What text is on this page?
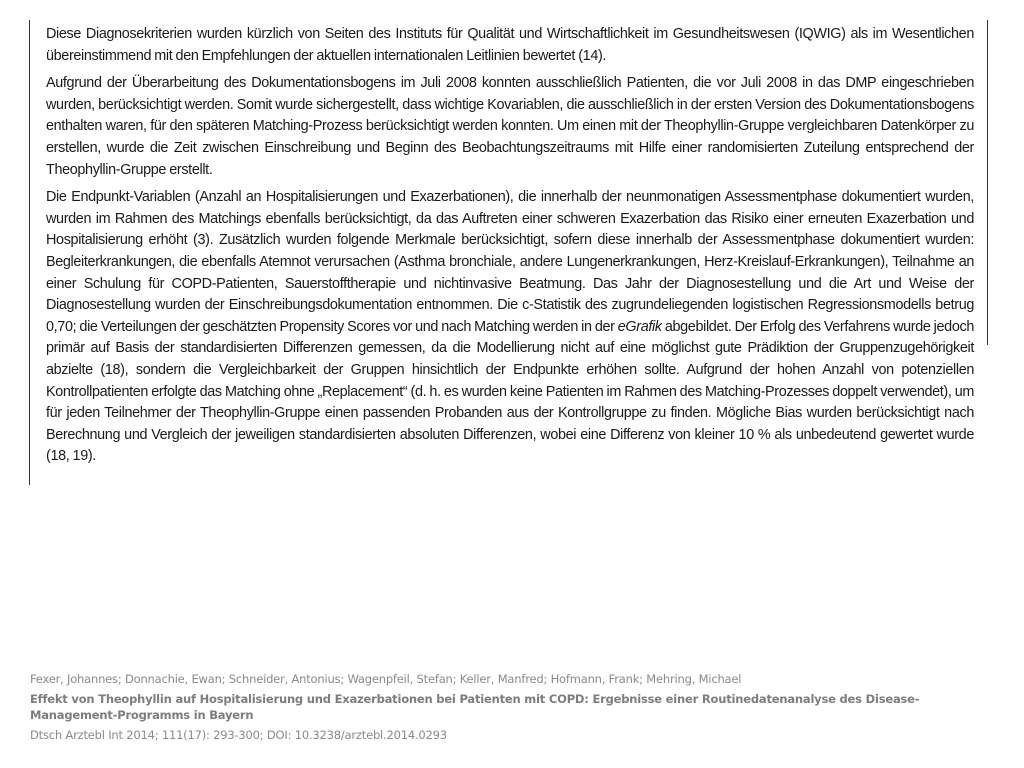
Diese Diagnosekriterien wurden kürzlich von Seiten des Instituts für Qualität und Wirtschaftlichkeit im Gesundheitswesen (IQWIG) als im Wesentlichen übereinstimmend mit den Empfehlungen der aktuellen internationalen Leitlinien bewertet (14).

Aufgrund der Überarbeitung des Dokumentationsbogens im Juli 2008 konnten ausschließlich Patienten, die vor Juli 2008 in das DMP eingeschrieben wurden, berücksichtigt werden. Somit wurde sichergestellt, dass wichtige Kovariablen, die ausschließlich in der ersten Version des Dokumentationsbogens enthalten waren, für den späteren Matching-Prozess berücksichtigt werden konnten. Um einen mit der Theophyllin-Gruppe vergleichbaren Datenkörper zu erstellen, wurde die Zeit zwischen Einschreibung und Beginn des Beobachtungszeitraums mit Hilfe einer randomisierten Zuteilung entsprechend der Theophyllin-Gruppe erstellt.

Die Endpunkt-Variablen (Anzahl an Hospitalisierungen und Exazerbationen), die innerhalb der neunmonatigen Assessmentphase dokumentiert wurden, wurden im Rahmen des Matchings ebenfalls berücksichtigt, da das Auftreten einer schweren Exazerbation das Risiko einer erneuten Exazerbation und Hospitalisierung erhöht (3). Zusätzlich wurden folgende Merkmale berücksichtigt, sofern diese innerhalb der Assessmentphase dokumentiert wurden: Begleiterkrankungen, die ebenfalls Atemnot verursachen (Asthma bronchiale, andere Lungenerkrankungen, Herz-Kreislauf-Erkrankungen), Teilnahme an einer Schulung für COPD-Patienten, Sauerstofftherapie und nichtinvasive Beatmung. Das Jahr der Diagnosestellung und die Art und Weise der Diagnosestellung wurden der Einschreibungsdokumentation entnommen. Die c-Statistik des zugrundeliegenden logistischen Regressionsmodells betrug 0,70; die Verteilungen der geschätzten Propensity Scores vor und nach Matching werden in der eGrafik abgebildet. Der Erfolg des Verfahrens wurde jedoch primär auf Basis der standardisierten Differenzen gemessen, da die Modellierung nicht auf eine möglichst gute Prädiktion der Gruppenzugehörigkeit abzielte (18), sondern die Vergleichbarkeit der Gruppen hinsichtlich der Endpunkte erhöhen sollte. Aufgrund der hohen Anzahl von potenziellen Kontrollpatienten erfolgte das Matching ohne „Replacement“ (d. h. es wurden keine Patienten im Rahmen des Matching-Prozesses doppelt verwendet), um für jeden Teilnehmer der Theophyllin-Gruppe einen passenden Probanden aus der Kontrollgruppe zu finden. Mögliche Bias wurden berücksichtigt nach Berechnung und Vergleich der jeweiligen standardisierten absoluten Differenzen, wobei eine Differenz von kleiner 10 % als unbedeutend gewertet wurde (18, 19).

Fexer, Johannes; Donnachie, Ewan; Schneider, Antonius; Wagenpfeil, Stefan; Keller, Manfred; Hofmann, Frank; Mehring, Michael
Effekt von Theophyllin auf Hospitalisierung und Exazerbationen bei Patienten mit COPD: Ergebnisse einer Routinedatenanalyse des Disease-Management-Programms in Bayern
Dtsch Arztebl Int 2014; 111(17): 293-300; DOI: 10.3238/arztebl.2014.0293
